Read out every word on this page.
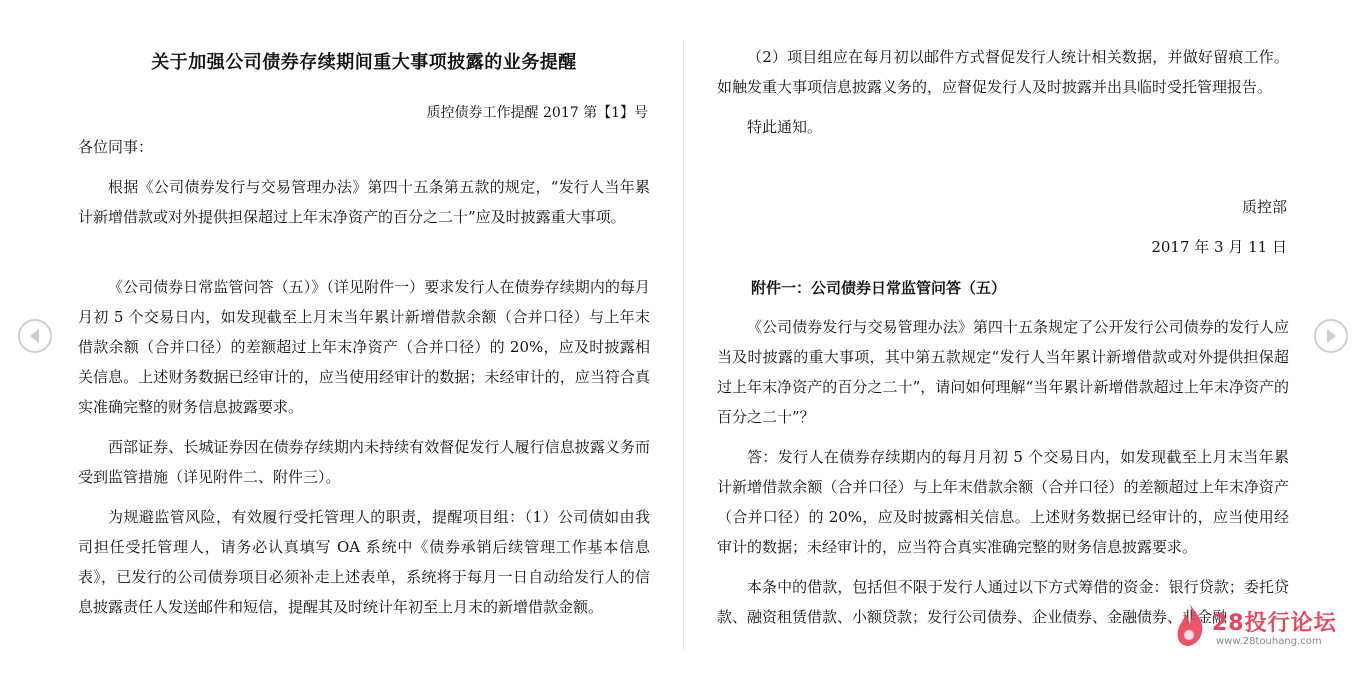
关于加强公司债券存续期间重大事项披露的业务提醒
质控债券工作提醒 2017 第【1】号

各位同事：

根据《公司债券发行与交易管理办法》第四十五条第五款的规定，“发行人当年累计新增借款或对外提供担保超过上年末净资产的百分之二十”应及时披露重大事项。

《公司债券日常监管问答（五）》（详见附件一）要求发行人在债券存续期内的每月月初 5 个交易日内，如发现截至上月末当年累计新增借款余额（合并口径）与上年末借款余额（合并口径）的差额超过上年末净资产（合并口径）的 20%，应及时披露相关信息。上述财务数据已经审计的，应当使用经审计的数据；未经审计的，应当符合真实准确完整的财务信息披露要求。

西部证券、长城证券因在债券存续期内未持续有效督促发行人履行信息披露义务而受到监管措施（详见附件二、附件三）。

为规避监管风险，有效履行受托管理人的职责，提醒项目组：（1）公司债如由我司担任受托管理人，请务必认真填写 OA 系统中《债券承销后续管理工作基本信息表》，已发行的公司债券项目必须补走上述表单，系统将于每月一日自动给发行人的信息披露责任人发送邮件和短信，提醒其及时统计年初至上月末的新增借款金额。

（2）项目组应在每月初以邮件方式督促发行人统计相关数据，并做好留痕工作。如触发重大事项信息披露义务的，应督促发行人及时披露并出具临时受托管理报告。

特此通知。

质控部
2017 年 3 月 11 日
附件一：公司债券日常监管问答（五）

《公司债券发行与交易管理办法》第四十五条规定了公开发行公司债券的发行人应当及时披露的重大事项，其中第五款规定“发行人当年累计新增借款或对外提供担保超过上年末净资产的百分之二十”，请问如何理解“当年累计新增借款超过上年末净资产的百分之二十”？

答：发行人在债券存续期内的每月月初 5 个交易日内，如发现截至上月末当年累计新增借款余额（合并口径）与上年末借款余额（合并口径）的差额超过上年末净资产（合并口径）的 20%，应及时披露相关信息。上述财务数据已经审计的，应当使用经审计的数据；未经审计的，应当符合真实准确完整的财务信息披露要求。

本条中的借款，包括但不限于发行人通过以下方式筹借的资金：银行贷款；委托贷款、融资租赁借款、小额贷款；发行公司债券、企业债券、金融债券、非金融

28投行论坛
www.28touhang.com
